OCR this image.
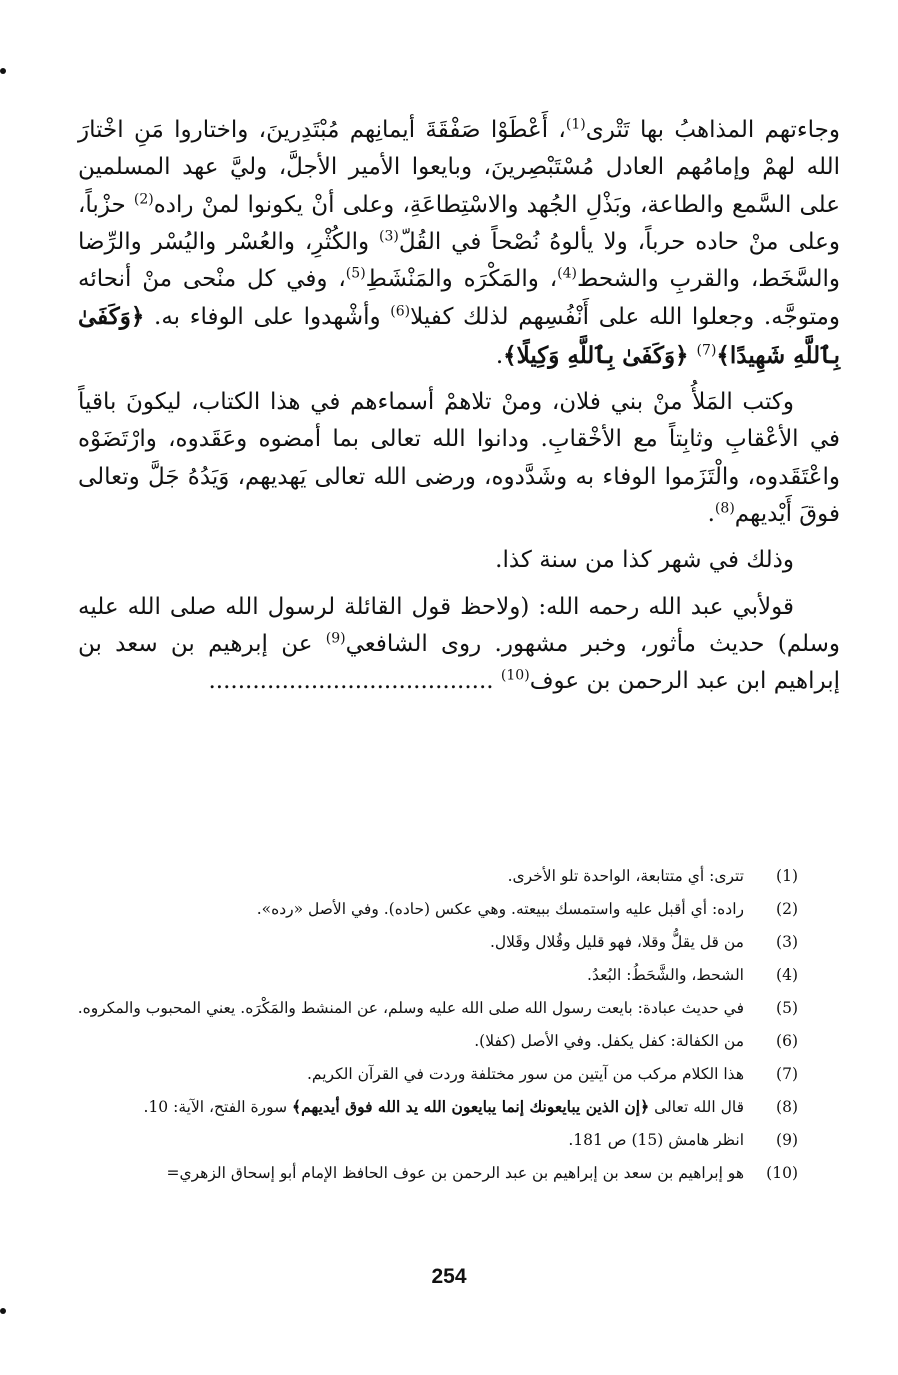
وجاءتهم المذاهبُ بها تَتْرى$^{(1)}$، أَعْطَوْا صَفْقَةَ أيمانِهم مُبْتَدِرينَ، واختاروا مَنِ اخْتارَ الله لهمْ وإمامُهم العادل مُسْتَبْصِرينَ، وبايعوا الأمير الأجلَّ، وليَّ عهد المسلمين على السَّمع والطاعة، وبَذْلِ الجُهد والاسْتِطاعَةِ، وعلى أنْ يكونوا لمنْ راده$^{(2)}$ حزْباً، وعلى منْ حاده حرباً، ولا يألوهُ نُصْحاً في القُلّ$^{(3)}$ والكُثْرِ، والعُسْر واليُسْر والرِّضا والسَّخَط، والقربِ والشحط$^{(4)}$، والمَكْرَه والمَنْشَطِ$^{(5)}$، وفي كل منْحى منْ أنحائه ومتوجَّه. وجعلوا الله على أَنْفُسِهم لذلك كفيلا$^{(6)}$ وأشْهدوا على الوفاء به. ﴿وَكَفَىٰ بِٱللَّهِ شَهِيدًا﴾$^{(7)}$ ﴿وَكَفَىٰ بِٱللَّهِ وَكِيلًا﴾.

وكتب المَلأُ منْ بني فلان، ومنْ تلاهمْ أسماءهم في هذا الكتاب، ليكونَ باقياً في الأعْقابِ وثابِتاً مع الأخْقابِ. ودانوا الله تعالى بما أمضوه وعَقَدوه، وارْتَضَوْه واعْتَقَدوه، والْتَزَموا الوفاء به وشَدَّدوه، ورضى الله تعالى يَهديهم، وَيَدُهُ جَلَّ وتعالى فوقَ أَيْديهم$^{(8)}$.

وذلك في شهر كذا من سنة كذا.

قولأبي عبد الله رحمه الله: (ولاحظ قول القائلة لرسول الله صلى الله عليه وسلم) حديث مأثور، وخبر مشهور. روى الشافعي$^{(9)}$ عن إبرهيم بن سعد بن إبراهيم ابن عبد الرحمن بن عوف$^{(10)}$ .......................................

(1)
تترى: أي متتابعة، الواحدة تلو الأخرى.
(2)
راده: أي أقبل عليه واستمسك ببيعته. وهي عكس (حاده). وفي الأصل «رده».
(3)
من قل يقلُّ وقلا، فهو قليل وقُلال وقَلال.
(4)
الشحط، والشَّحَطُ: البُعدُ.
(5)
في حديث عبادة: بايعت رسول الله صلى الله عليه وسلم، عن المنشط والمَكْرَه. يعني المحبوب والمكروه.
(6)
من الكفالة: كفل يكفل. وفي الأصل (كفلا).
(7)
هذا الكلام مركب من آيتين من سور مختلفة وردت في القرآن الكريم.
(8)
قال الله تعالى ﴿إن الذين يبايعونك إنما يبايعون الله يد الله فوق أيديهم﴾ سورة الفتح، الآية: 10.
(9)
انظر هامش (15) ص 181.
(10)
هو إبراهيم بن سعد بن إبراهيم بن عبد الرحمن بن عوف الحافظ الإمام أبو إسحاق الزهري=
254
